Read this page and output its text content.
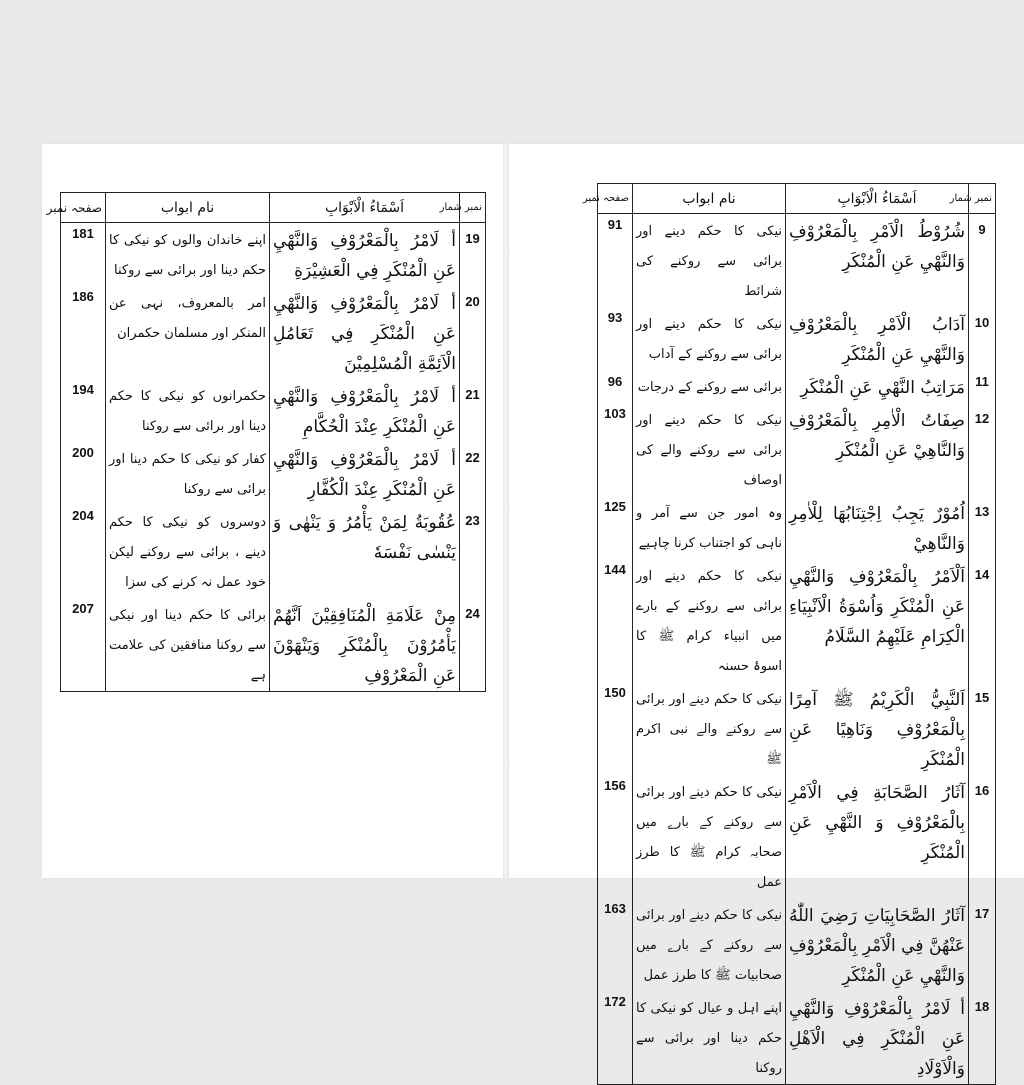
نمبر شمار	اَسْمَاءُ الْاَبْوَابِ	نام ابواب	صفحہ نمبر
19	أ لَامْرُ بِالْمَعْرُوْفِ وَالنَّهْيِ عَنِ الْمُنْكَرِ فِي الْعَشِيْرَةِ	اپنے خاندان والوں کو نیکی کا حکم دینا اور برائی سے روکنا	181
20	أ لَامْرُ بِالْمَعْرُوْفِ وَالنَّهْيِ عَنِ الْمُنْكَرِ فِي تَعَامُلِ الْاَئِمَّةِ الْمُسْلِمِيْنَ	امر بالمعروف، نہی عن المنکر اور مسلمان حکمران	186
21	أ لَامْرُ بِالْمَعْرُوْفِ وَالنَّهْيِ عَنِ الْمُنْكَرِ عِنْدَ الْحُكَّامِ	حکمرانوں کو نیکی کا حکم دینا اور برائی سے روکنا	194
22	أ لَامْرُ بِالْمَعْرُوْفِ وَالنَّهْيِ عَنِ الْمُنْكَرِ عِنْدَ الْكُفَّارِ	کفار کو نیکی کا حکم دینا اور برائی سے روکنا	200
23	عُقُوبَةُ لِمَنْ يَأْمُرُ وَ يَنْهٰى وَ يَنْسٰى نَفْسَهٗ	دوسروں کو نیکی کا حکم دینے ، برائی سے روکنے لیکن خود عمل نہ کرنے کی سزا	204
24	مِنْ عَلَامَةِ الْمُنَافِقِيْنَ اَنَّهُمْ يَأْمُرُوْنَ بِالْمُنْكَرِ وَيَنْهَوْنَ عَنِ الْمَعْرُوْفِ	برائی کا حکم دینا اور نیکی سے روکنا منافقین کی علامت ہے	207
نمبر شمار	اَسْمَاءُ الْاَبْوَابِ	نام ابواب	صفحہ نمبر
9	شُرُوْطُ الْاَمْرِ بِالْمَعْرُوْفِ وَالنَّهْيِ عَنِ الْمُنْكَرِ	نیکی کا حکم دینے اور برائی سے روکنے کی شرائط	91
10	آدَابُ الْاَمْرِ بِالْمَعْرُوْفِ وَالنَّهْيِ عَنِ الْمُنْكَرِ	نیکی کا حکم دینے اور برائی سے روکنے کے آداب	93
11	مَرَاتِبُ النَّهْيِ عَنِ الْمُنْكَرِ	برائی سے روکنے کے درجات	96
12	صِفَاتُ الْاٰمِرِ بِالْمَعْرُوْفِ وَالنَّاهِيْ عَنِ الْمُنْكَرِ	نیکی کا حکم دینے اور برائی سے روکنے والے کی اوصاف	103
13	اُمُوْرٌ يَجِبُ اِجْتِنَابُهَا لِلْاٰمِرِ وَالنَّاهِيْ	وہ امور جن سے آمر و ناہی کو اجتناب کرنا چاہیے	125
14	اَلْاَمْرُ بِالْمَعْرُوْفِ وَالنَّهْيِ عَنِ الْمُنْكَرِ وَاُسْوَةُ الْاَنْبِيَاءِ الْكِرَامِ عَلَيْهِمُ السَّلَامُ	نیکی کا حکم دینے اور برائی سے روکنے کے بارے میں انبیاء کرام ﷺ کا اسوۂ حسنہ	144
15	اَلنَّبِيُّ الْكَرِيْمُ ﷺ آمِرًا بِالْمَعْرُوْفِ وَنَاهِيًا عَنِ الْمُنْكَرِ	نیکی کا حکم دینے اور برائی سے روکنے والے نبی اکرم ﷺ	150
16	آثَارُ الصَّحَابَةِ فِي الْاَمْرِ بِالْمَعْرُوْفِ وَ النَّهْيِ عَنِ الْمُنْكَرِ	نیکی کا حکم دینے اور برائی سے روکنے کے بارے میں صحابہ کرام ﷺ کا طرز عمل	156
17	آثَارُ الصَّحَابِيَاتِ رَضِيَ اللّٰهُ عَنْهُنَّ فِي الْاَمْرِ بِالْمَعْرُوْفِ وَالنَّهْيِ عَنِ الْمُنْكَرِ	نیکی کا حکم دینے اور برائی سے روکنے کے بارے میں صحابیات ﷺ کا طرز عمل	163
18	أ لَامْرُ بِالْمَعْرُوْفِ وَالنَّهْيِ عَنِ الْمُنْكَرِ فِي الْاَهْلِ وَالْاَوْلَادِ	اپنے اہل و عیال کو نیکی کا حکم دینا اور برائی سے روکنا	172
